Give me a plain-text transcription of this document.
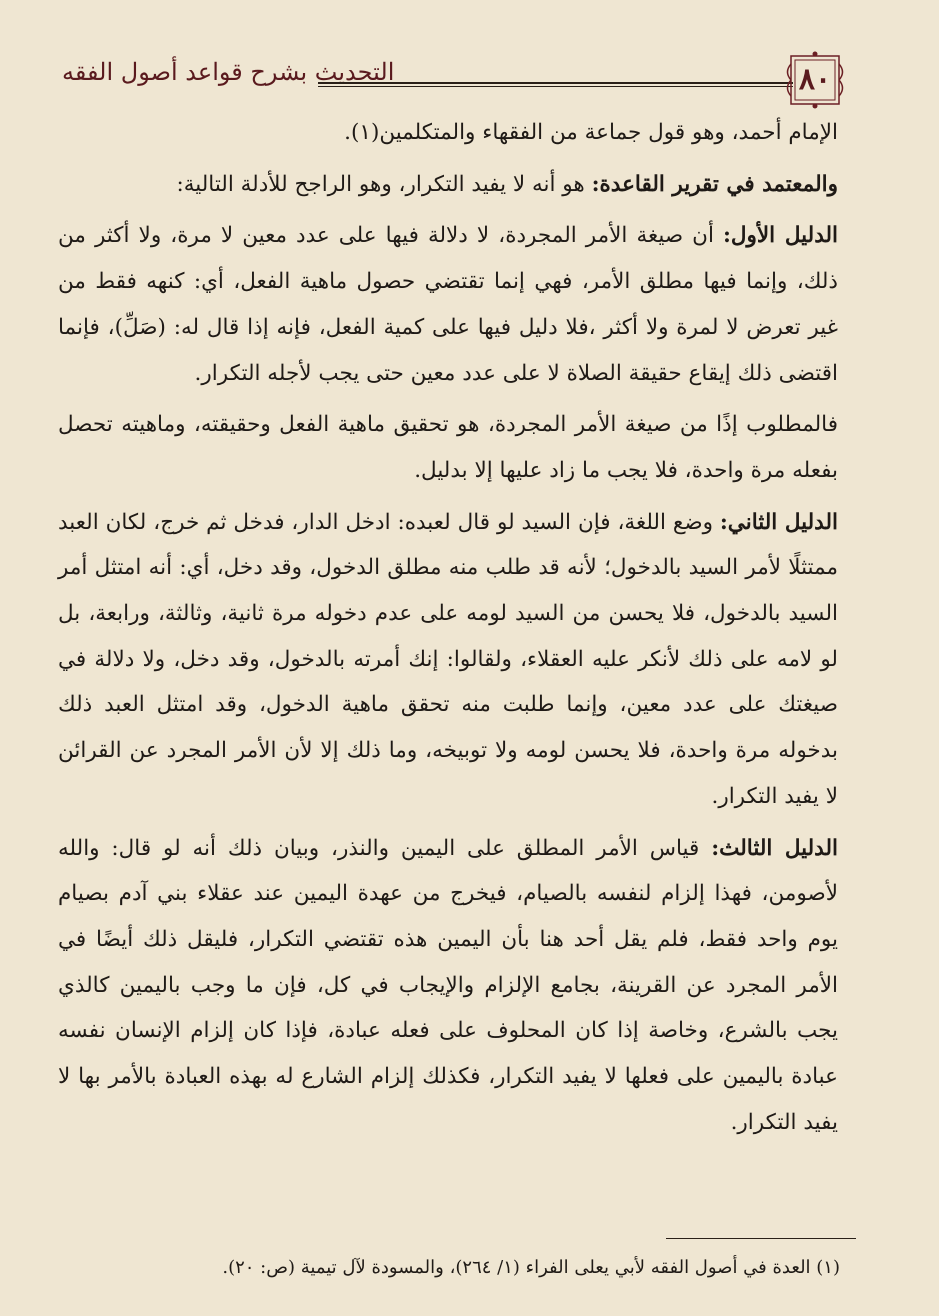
التحديث بشرح قواعد أصول الفقه	٨٠

الإمام أحمد، وهو قول جماعة من الفقهاء والمتكلمين(١).

والمعتمد في تقرير القاعدة: هو أنه لا يفيد التكرار، وهو الراجح للأدلة التالية:

الدليل الأول: أن صيغة الأمر المجردة، لا دلالة فيها على عدد معين لا مرة، ولا أكثر من ذلك، وإنما فيها مطلق الأمر، فهي إنما تقتضي حصول ماهية الفعل، أي: كنهه فقط من غير تعرض لا لمرة ولا أكثر ،فلا دليل فيها على كمية الفعل، فإنه إذا قال له: (صَلِّ)، فإنما اقتضى ذلك إيقاع حقيقة الصلاة لا على عدد معين حتى يجب لأجله التكرار.

فالمطلوب إذًا من صيغة الأمر المجردة، هو تحقيق ماهية الفعل وحقيقته، وماهيته تحصل بفعله مرة واحدة، فلا يجب ما زاد عليها إلا بدليل.

الدليل الثاني: وضع اللغة، فإن السيد لو قال لعبده: ادخل الدار، فدخل ثم خرج، لكان العبد ممتثلًا لأمر السيد بالدخول؛ لأنه قد طلب منه مطلق الدخول، وقد دخل، أي: أنه امتثل أمر السيد بالدخول، فلا يحسن من السيد لومه على عدم دخوله مرة ثانية، وثالثة، ورابعة، بل لو لامه على ذلك لأنكر عليه العقلاء، ولقالوا: إنك أمرته بالدخول، وقد دخل، ولا دلالة في صيغتك على عدد معين، وإنما طلبت منه تحقق ماهية الدخول، وقد امتثل العبد ذلك بدخوله مرة واحدة، فلا يحسن لومه ولا توبيخه، وما ذلك إلا لأن الأمر المجرد عن القرائن لا يفيد التكرار.

الدليل الثالث: قياس الأمر المطلق على اليمين والنذر، وبيان ذلك أنه لو قال: والله لأصومن، فهذا إلزام لنفسه بالصيام، فيخرج من عهدة اليمين عند عقلاء بني آدم بصيام يوم واحد فقط، فلم يقل أحد هنا بأن اليمين هذه تقتضي التكرار، فليقل ذلك أيضًا في الأمر المجرد عن القرينة، بجامع الإلزام والإيجاب في كل، فإن ما وجب باليمين كالذي يجب بالشرع، وخاصة إذا كان المحلوف على فعله عبادة، فإذا كان إلزام الإنسان نفسه عبادة باليمين على فعلها لا يفيد التكرار، فكذلك إلزام الشارع له بهذه العبادة بالأمر بها لا يفيد التكرار.

(١) العدة في أصول الفقه لأبي يعلى الفراء (١/ ٢٦٤)، والمسودة لآل تيمية (ص: ٢٠).
